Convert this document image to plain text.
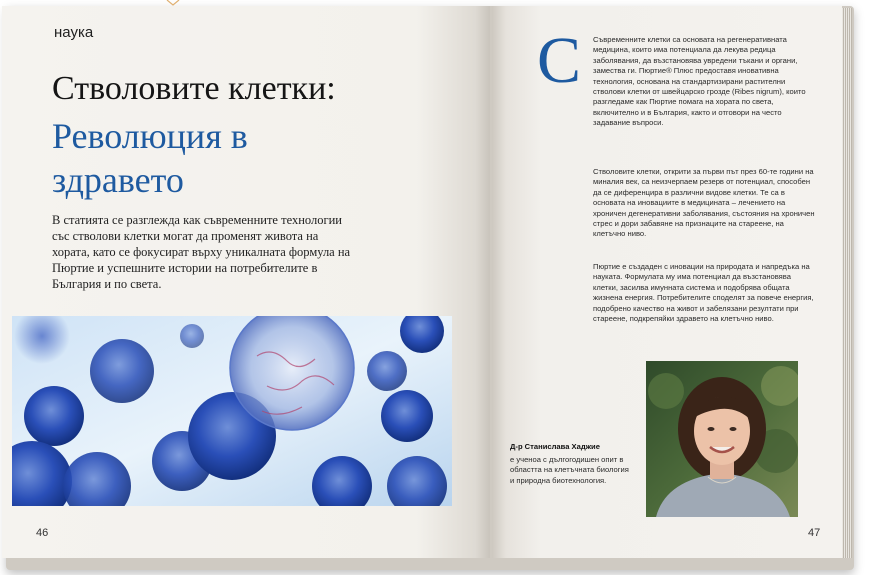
наука
Стволовите клетки:
Революция в здравето
В статията се разглежда как съвременните технологии със стволови клетки могат да променят живота на хората, като се фокусират върху уникалната формула на Пюртие и успешните истории на потребителите в България и по света.
46
С Съвременните клетки са основата на регенеративната медицина, които има потенциала да лекува редица заболявания, да възстановява увредени тъкани и органи, замества ги. Пюртие® Плюс предоставя иновативна технология, основана на стандартизирани растителни стволови клетки от швейцарско грозде (Ribes nigrum), които разгледаме как Пюртие помага на хората по света, включително и в България, както и отговори на често задавание въпроси.
Стволовите клетки, открити за първи път през 60-те години на миналия век, са неизчерпаем резерв от потенциал, способен да се диференцира в различни видове клетки. Те са в основата на иновациите в медицината – лечението на хроничен дегенеративни заболявания, състояния на хроничен стрес и дори забавяне на признаците на стареене, на клетъчно ниво.
Пюртие е създаден с иновации на природата и напредъка на науката. Формулата му има потенциал да възстановява клетки, засилва имунната система и подобрява общата жизнена енергия. Потребителите споделят за повече енергия, подобрено качество на живот и забелязани резултати при стареене, подкрепяйки здравето на клетъчно ниво.
Д-р Станислава Хаджие
е ученoa с дългогодишен опит в областта на клетъчната биология и природна биотехнология.
47
